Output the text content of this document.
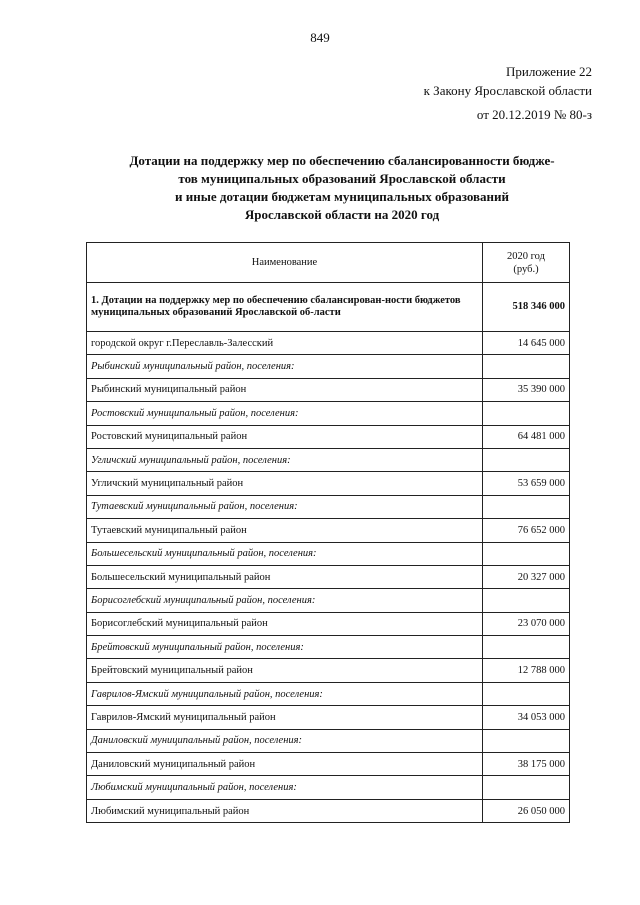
849
Приложение 22
к Закону Ярославской области
от 20.12.2019 № 80-з
Дотации на поддержку мер по обеспечению сбалансированности бюдже-
тов муниципальных образований Ярославской области
и иные дотации бюджетам муниципальных образований
Ярославской области на 2020 год
Наименование	2020 год
(руб.)

1. Дотации на поддержку мер по обеспечению сбалансирован-ности бюджетов муниципальных образований Ярославской об-ласти	518 346 000
городской округ г.Переславль-Залесский	14 645 000
Рыбинский муниципальный район, поселения:	
Рыбинский муниципальный район	35 390 000
Ростовский муниципальный район, поселения:	
Ростовский муниципальный район	64 481 000
Угличский муниципальный район, поселения:	
Угличский муниципальный район	53 659 000
Тутаевский муниципальный район, поселения:	
Тутаевский муниципальный район	76 652 000
Большесельский муниципальный район, поселения:	
Большесельский муниципальный район	20 327 000
Борисоглебский муниципальный район, поселения:	
Борисоглебский муниципальный район	23 070 000
Брейтовский муниципальный район, поселения:	
Брейтовский муниципальный район	12 788 000
Гаврилов-Ямский муниципальный район, поселения:	
Гаврилов-Ямский муниципальный район	34 053 000
Даниловский муниципальный район, поселения:	
Даниловский муниципальный район	38 175 000
Любимский муниципальный район, поселения:	
Любимский муниципальный район	26 050 000
